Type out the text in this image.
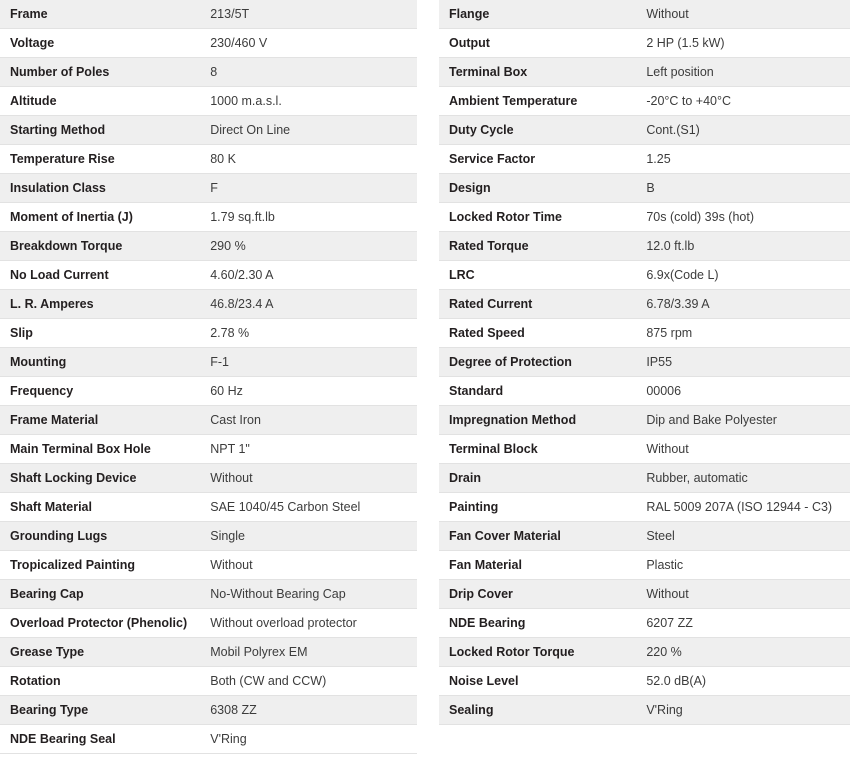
Frame	213/5T
Voltage	230/460 V
Number of Poles	8
Altitude	1000 m.a.s.l.
Starting Method	Direct On Line
Temperature Rise	80 K
Insulation Class	F
Moment of Inertia (J)	1.79 sq.ft.lb
Breakdown Torque	290 %
No Load Current	4.60/2.30 A
L. R. Amperes	46.8/23.4 A
Slip	2.78 %
Mounting	F-1
Frequency	60 Hz
Frame Material	Cast Iron
Main Terminal Box Hole	NPT 1"
Shaft Locking Device	Without
Shaft Material	SAE 1040/45 Carbon Steel
Grounding Lugs	Single
Tropicalized Painting	Without
Bearing Cap	No-Without Bearing Cap
Overload Protector (Phenolic)	Without overload protector
Grease Type	Mobil Polyrex EM
Rotation	Both (CW and CCW)
Bearing Type	6308 ZZ
NDE Bearing Seal	V'Ring
Flange	Without
Output	2 HP (1.5 kW)
Terminal Box	Left position
Ambient Temperature	-20°C to +40°C
Duty Cycle	Cont.(S1)
Service Factor	1.25
Design	B
Locked Rotor Time	70s (cold) 39s (hot)
Rated Torque	12.0 ft.lb
LRC	6.9x(Code L)
Rated Current	6.78/3.39 A
Rated Speed	875 rpm
Degree of Protection	IP55
Standard	00006
Impregnation Method	Dip and Bake Polyester
Terminal Block	Without
Drain	Rubber, automatic
Painting	RAL 5009 207A (ISO 12944 - C3)
Fan Cover Material	Steel
Fan Material	Plastic
Drip Cover	Without
NDE Bearing	6207 ZZ
Locked Rotor Torque	220 %
Noise Level	52.0 dB(A)
Sealing	V'Ring
